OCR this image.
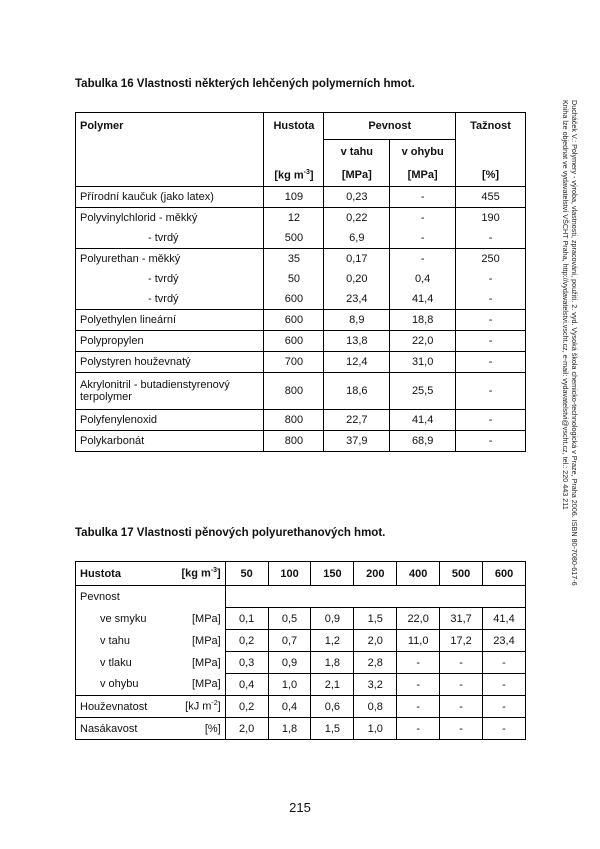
Tabulka 16 Vlastnosti některých lehčených polymerních hmot.
Polymer	Hustota	Pevnost		Tažnost
		v tahu	v ohybu	
	[kg $m^{-3}$]	[MPa]	[MPa]	[%]
Přírodní kaučuk (jako latex)	109	0,23	-	455
Polyvinylchlorid - měkký	12	0,22	-	190
- tvrdý	500	6,9	-	-
Polyurethan - měkký	35	0,17	-	250
- tvrdý	50	0,20	0,4	-
- tvrdý	600	23,4	41,4	-
Polyethylen lineární	600	8,9	18,8	-
Polypropylen	600	13,8	22,0	-
Polystyren houževnatý	700	12,4	31,0	-
Akrylonitril - butadienstyrenový terpolymer	800	18,6	25,5	-
Polyfenylenoxid	800	22,7	41,4	-
Polykarbonát	800	37,9	68,9	-
Tabulka 17 Vlastnosti pěnových polyurethanových hmot.
Hustota	[kg $m^{-3}$]	50	100	150	200	400	500	600
Pevnost								
ve smyku	[MPa]	0,1	0,5	0,9	1,5	22,0	31,7	41,4
v tahu	[MPa]	0,2	0,7	1,2	2,0	11,0	17,2	23,4
v tlaku	[MPa]	0,3	0,9	1,8	2,8	-	-	-
v ohybu	[MPa]	0,4	1,0	2,1	3,2	-	-	-
Houževnatost	[kJ $m^{-2}$]	0,2	0,4	0,6	0,8	-	-	-
Nasákavost	[%]	2,0	1,8	1,5	1,0	-	-	-
Ducháček V.: Polymery - výroba, vlastnosti, zpracování, použití. 2. vyd. Vysoká škola chemicko-technologická v Praze, Praha 2006. ISBN 80-7080-617-6
Kniha lze objednat ve vydavatelství VŠCHT Praha, http://vydavatelstvi.vscht.cz, e-mail: vydavatelstvi@vscht.cz, tel.: 220 443 211
215
